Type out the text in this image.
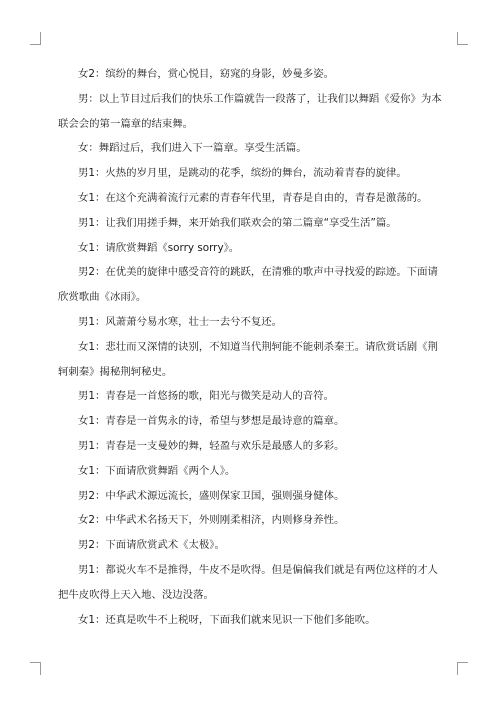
女2：缤纷的舞台，赏心悦目，窈窕的身影，妙曼多姿。

男：以上节目过后我们的快乐工作篇就告一段落了，让我们以舞蹈《爱你》为本联会会的第一篇章的结束舞。

女：舞蹈过后，我们进入下一篇章。享受生活篇。

男1：火热的岁月里，是跳动的花季，缤纷的舞台，流动着青春的旋律。

女1：在这个充满着流行元素的青春年代里，青春是自由的，青春是激荡的。

男1：让我们用搓手舞，来开始我们联欢会的第二篇章“享受生活”篇。

女1：请欣赏舞蹈《sorry sorry》。

男2：在优美的旋律中感受音符的跳跃，在清雅的歌声中寻找爱的踪迹。下面请欣赏歌曲《冰雨》。

男1：风萧萧兮易水寒，壮士一去兮不复还。

女1：悲壮而又深情的诀别，不知道当代荆轲能不能刺杀秦王。请欣赏话剧《荆轲刺秦》揭秘荆轲秘史。

男1：青春是一首悠扬的歌，阳光与微笑是动人的音符。

女1：青春是一首隽永的诗，希望与梦想是最诗意的篇章。

男1：青春是一支曼妙的舞，轻盈与欢乐是最感人的多彩。

女1：下面请欣赏舞蹈《两个人》。

男2：中华武术源远流长，盛则保家卫国，强则强身健体。

女2：中华武术名扬天下，外则刚柔相济，内则修身养性。

男2：下面请欣赏武术《太极》。

男1：都说火车不是推得，牛皮不是吹得。但是偏偏我们就是有两位这样的才人把牛皮吹得上天入地、没边没落。

女1：还真是吹牛不上税呀，下面我们就来见识一下他们多能吹。
